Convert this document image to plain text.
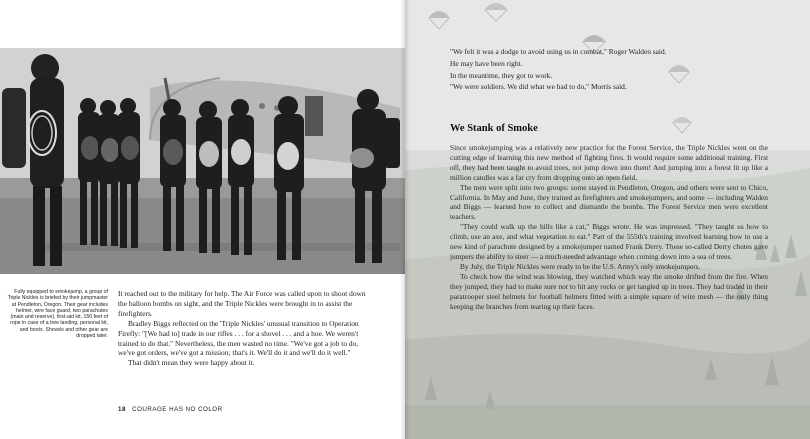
Fully equipped to smokejump, a group of Triple Nickles is briefed by their jumpmaster at Pendleton, Oregon. Their gear includes helmet, wire face guard, two parachutes (main and reserve), first-aid kit, 150 feet of rope in case of a tree landing, personal kit, and boots. Shovels and other gear are dropped later.

It reached out to the military for help. The Air Force was called upon to shoot down the balloon bombs on sight, and the Triple Nickles were brought in to assist the firefighters.

Bradley Biggs reflected on the 'Triple Nickles' unusual transition to Operation Firefly: "[We had to] trade in our rifles . . . for a shovel . . . and a hoe. We weren't trained to do that." Nevertheless, the men wasted no time. "We've got a job to do, we've got orders, we've got a mission; that's it. We'll do it and we'll do it well."

That didn't mean they were happy about it.

18 COURAGE HAS NO COLOR

"We felt it was a dodge to avoid using us in combat," Roger Walden said.

He may have been right.

In the meantime, they got to work.

"We were soldiers. We did what we had to do," Morris said.

We Stank of Smoke

Since smokejumping was a relatively new practice for the Forest Service, the Triple Nickles went on the cutting edge of learning this new method of fighting fires. It would require some additional training. First off, they had been taught to avoid trees, not jump down into them! And jumping into a forest lit up like a million candles was a far cry from dropping onto an open field.

The men were split into two groups: some stayed in Pendleton, Oregon, and others were sent to Chico, California. In May and June, they trained as firefighters and smokejumpers, and some — including Walden and Biggs — learned how to collect and dismantle the bombs. The Forest Service men were excellent teachers.

"They could walk up the hills like a cat," Biggs wrote. He was impressed. "They taught us how to climb, use an axe, and what vegetation to eat." Part of the 555th's training involved learning how to use a new kind of parachute designed by a smokejumper named Frank Derry. These so-called Derry chutes gave jumpers the ability to steer — a much-needed advantage when coming down into a sea of trees.

By July, the Triple Nickles were ready to be the U.S. Army's only smokejumpers.

To check how the wind was blowing, they watched which way the smoke drifted from the fire. When they jumped, they had to make sure not to hit any rocks or get tangled up in trees. They had traded in their paratrooper steel helmets for football helmets fitted with a simple square of wire mesh — the only thing keeping the branches from tearing up their faces.
